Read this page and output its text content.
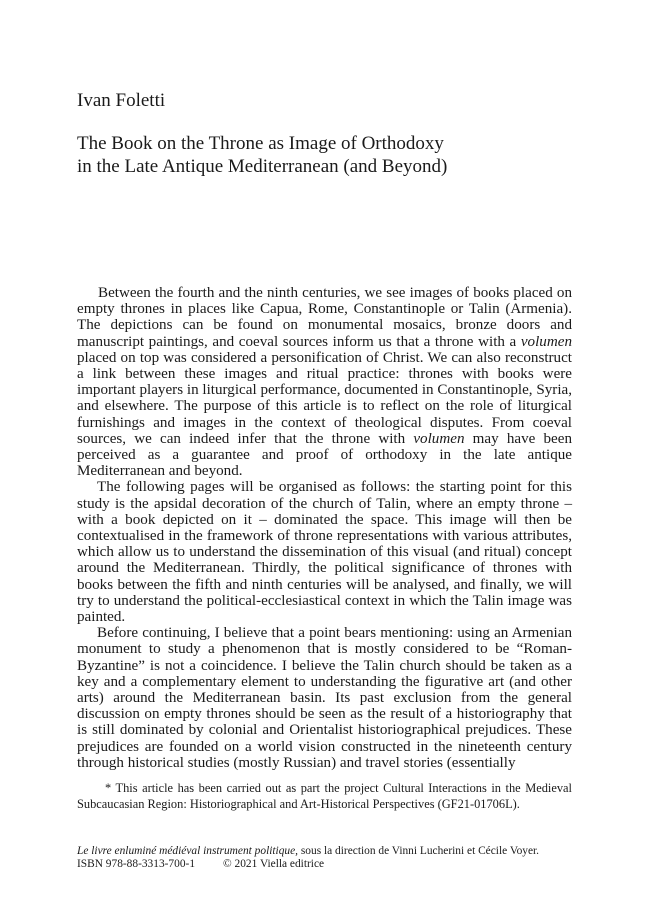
Ivan Foletti
The Book on the Throne as Image of Orthodoxy
in the Late Antique Mediterranean (and Beyond)

Between the fourth and the ninth centuries, we see images of books placed on empty thrones in places like Capua, Rome, Constantinople or Talin (Armenia). The depictions can be found on monumental mosaics, bronze doors and manuscript paintings, and coeval sources inform us that a throne with a volumen placed on top was considered a personification of Christ. We can also reconstruct a link between these images and ritual practice: thrones with books were important players in liturgical performance, documented in Constantinople, Syria, and elsewhere. The purpose of this article is to reflect on the role of liturgical furnishings and images in the context of theological disputes. From coeval sources, we can indeed infer that the throne with volumen may have been perceived as a guarantee and proof of orthodoxy in the late antique Mediterranean and beyond.

The following pages will be organised as follows: the starting point for this study is the apsidal decoration of the church of Talin, where an empty throne – with a book depicted on it – dominated the space. This image will then be contextualised in the framework of throne representations with various attributes, which allow us to understand the dissemination of this visual (and ritual) concept around the Mediterranean. Thirdly, the political significance of thrones with books between the fifth and ninth centuries will be analysed, and finally, we will try to understand the political-ecclesiastical context in which the Talin image was painted.

Before continuing, I believe that a point bears mentioning: using an Armenian monument to study a phenomenon that is mostly considered to be “Roman-Byzantine” is not a coincidence. I believe the Talin church should be taken as a key and a complementary element to understanding the figurative art (and other arts) around the Mediterranean basin. Its past exclusion from the general discussion on empty thrones should be seen as the result of a historiography that is still dominated by colonial and Orientalist historiographical prejudices. These prejudices are founded on a world vision constructed in the nineteenth century through historical studies (mostly Russian) and travel stories (essentially

* This article has been carried out as part the project Cultural Interactions in the Medieval Subcaucasian Region: Historiographical and Art-Historical Perspectives (GF21-01706L).
Le livre enluminé médiéval instrument politique, sous la direction de Vinni Lucherini et Cécile Voyer.
ISBN 978-88-3313-700-1 © 2021 Viella editrice
